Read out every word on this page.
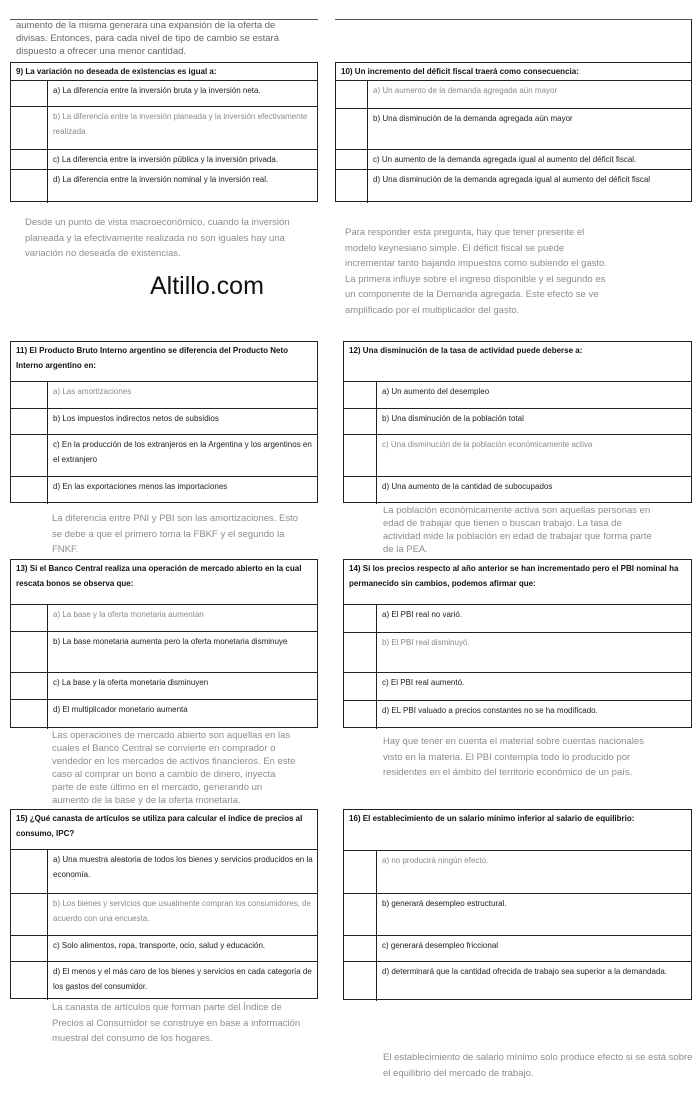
aumento de la misma generara una expansión de la oferta de
divisas. Entonces, para cada nivel de tipo de cambio se estará
dispuesto a ofrecer una menor cantidad.
Altillo.com
9) La variación no deseada de existencias es igual a:
a) La diferencia entre la inversión bruta y la inversión neta.
b) La diferencia entre la inversión planeada y la inversión efectivamente realizada
c) La diferencia entre la inversión pública y la inversión privada.
d) La diferencia entre la inversión nominal y la inversión real.
Desde un punto de vista macroeconómico, cuando la inversión
planeada y la efectivamente realizada no son iguales hay una
variación no deseada de existencias.
10) Un incremento del déficit fiscal traerá como consecuencia:
a) Un aumento de la demanda agregada aún mayor
b) Una disminución de la demanda agregada aún mayor
c) Un aumento de la demanda agregada igual al aumento del déficit fiscal.
d) Una disminución de la demanda agregada igual al aumento del déficit fiscal
Para responder esta pregunta, hay que tener presente el
modelo keynesiano simple. El déficit fiscal se puede
incrementar tanto bajando impuestos como subiendo el gasto.
La primera influye sobre el ingreso disponible y el segundo es
un componente de la Demanda agregada. Este efecto se ve
amplificado por el multiplicador del gasto.
11) El Producto Bruto Interno argentino se diferencia del Producto Neto Interno argentino en:
a) Las amortizaciones
b) Los impuestos indirectos netos de subsidios
c) En la producción de los extranjeros en la Argentina y los argentinos en el extranjero
d) En las exportaciones menos las importaciones
La diferencia entre PNI y PBI son las amortizaciones. Esto
se debe a que el primero toma la FBKF y el segundo la
FNKF.
12) Una disminución de la tasa de actividad puede deberse a:
a) Un aumento del desempleo
b) Una disminución de la población total
c) Una disminución de la población económicamente activa
d) Una aumento de la cantidad de subocupados
La población económicamente activa son aquellas personas en
edad de trabajar que tienen o buscan trabajo. La tasa de
actividad mide la población en edad de trabajar que forma parte
de la PEA.
13) Si el Banco Central realiza una operación de mercado abierto en la cual rescata bonos se observa que:
a) La base y la oferta monetaria aumentan
b) La base monetaria aumenta pero la oferta monetaria disminuye
c) La base y la oferta monetaria disminuyen
d) El multiplicador monetario aumenta
Las operaciones de mercado abierto son aquellas en las
cuales el Banco Central se convierte en comprador o
vendedor en los mercados de activos financieros. En este
caso al comprar un bono a cambio de dinero, inyecta
parte de este último en el mercado, generando un
aumento de la base y de la oferta monetaria.
14) Si los precios respecto al año anterior se han incrementado pero el PBI nominal ha permanecido sin cambios, podemos afirmar que:
a) El PBI real no varió.
b) El PBI real disminuyó.
c) El PBI real aumentó.
d) EL PBI valuado a precios constantes no se ha modificado.
Hay que tener en cuenta el material sobre cuentas nacionales
visto en la materia. El PBI contempla todo lo producido por
residentes en el ámbito del territorio económico de un país.
15) ¿Qué canasta de artículos se utiliza para calcular el índice de precios al consumo, IPC?
a) Una muestra aleatoria de todos los bienes y servicios producidos en la economía.
b) Los bienes y servicios que usualmente compran los consumidores, de acuerdo con una encuesta.
c) Solo alimentos, ropa, transporte, ocio, salud y educación.
d) El menos y el más caro de los bienes y servicios en cada categoría de los gastos del consumidor.
La canasta de artículos que forman parte del Índice de
Precios al Consumidor se construye en base a información
muestral del consumo de los hogares.
16) El establecimiento de un salario mínimo inferior al salario de equilibrio:
a) no producirá ningún efecto.
b) generará desempleo estructural.
c) generará desempleo friccional
d) determinará que la cantidad ofrecida de trabajo sea superior a la demandada.
El establecimiento de salario mínimo solo produce efecto si se está sobre
el equilibrio del mercado de trabajo.
